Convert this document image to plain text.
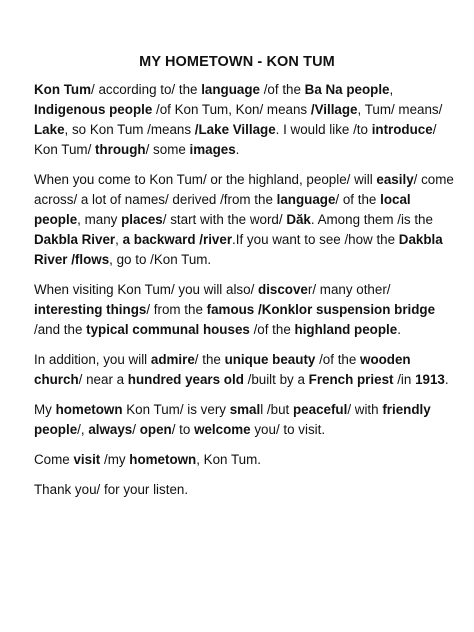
MY HOMETOWN - KON TUM

Kon Tum/ according to/ the language /of the Ba Na people, Indigenous people /of Kon Tum, Kon/ means /Village, Tum/ means/ Lake, so Kon Tum /means /Lake Village. I would like /to introduce/ Kon Tum/ through/ some images.

When you come to Kon Tum/ or the highland, people/ will easily/ come across/ a lot of names/ derived /from the language/ of the local people, many places/ start with the word/ Dăk. Among them /is the Dakbla River, a backward /river.If you want to see /how the Dakbla River /flows, go to /Kon Tum.

When visiting Kon Tum/ you will also/ discover/ many other/ interesting things/ from the famous /Konklor suspension bridge /and the typical communal houses /of the highland people.

In addition, you will admire/ the unique beauty /of the wooden church/ near a hundred years old /built by a French priest /in 1913.

My hometown Kon Tum/ is very small /but peaceful/ with friendly people/, always/ open/ to welcome you/ to visit.

Come visit /my hometown, Kon Tum.

Thank you/ for your listen.
